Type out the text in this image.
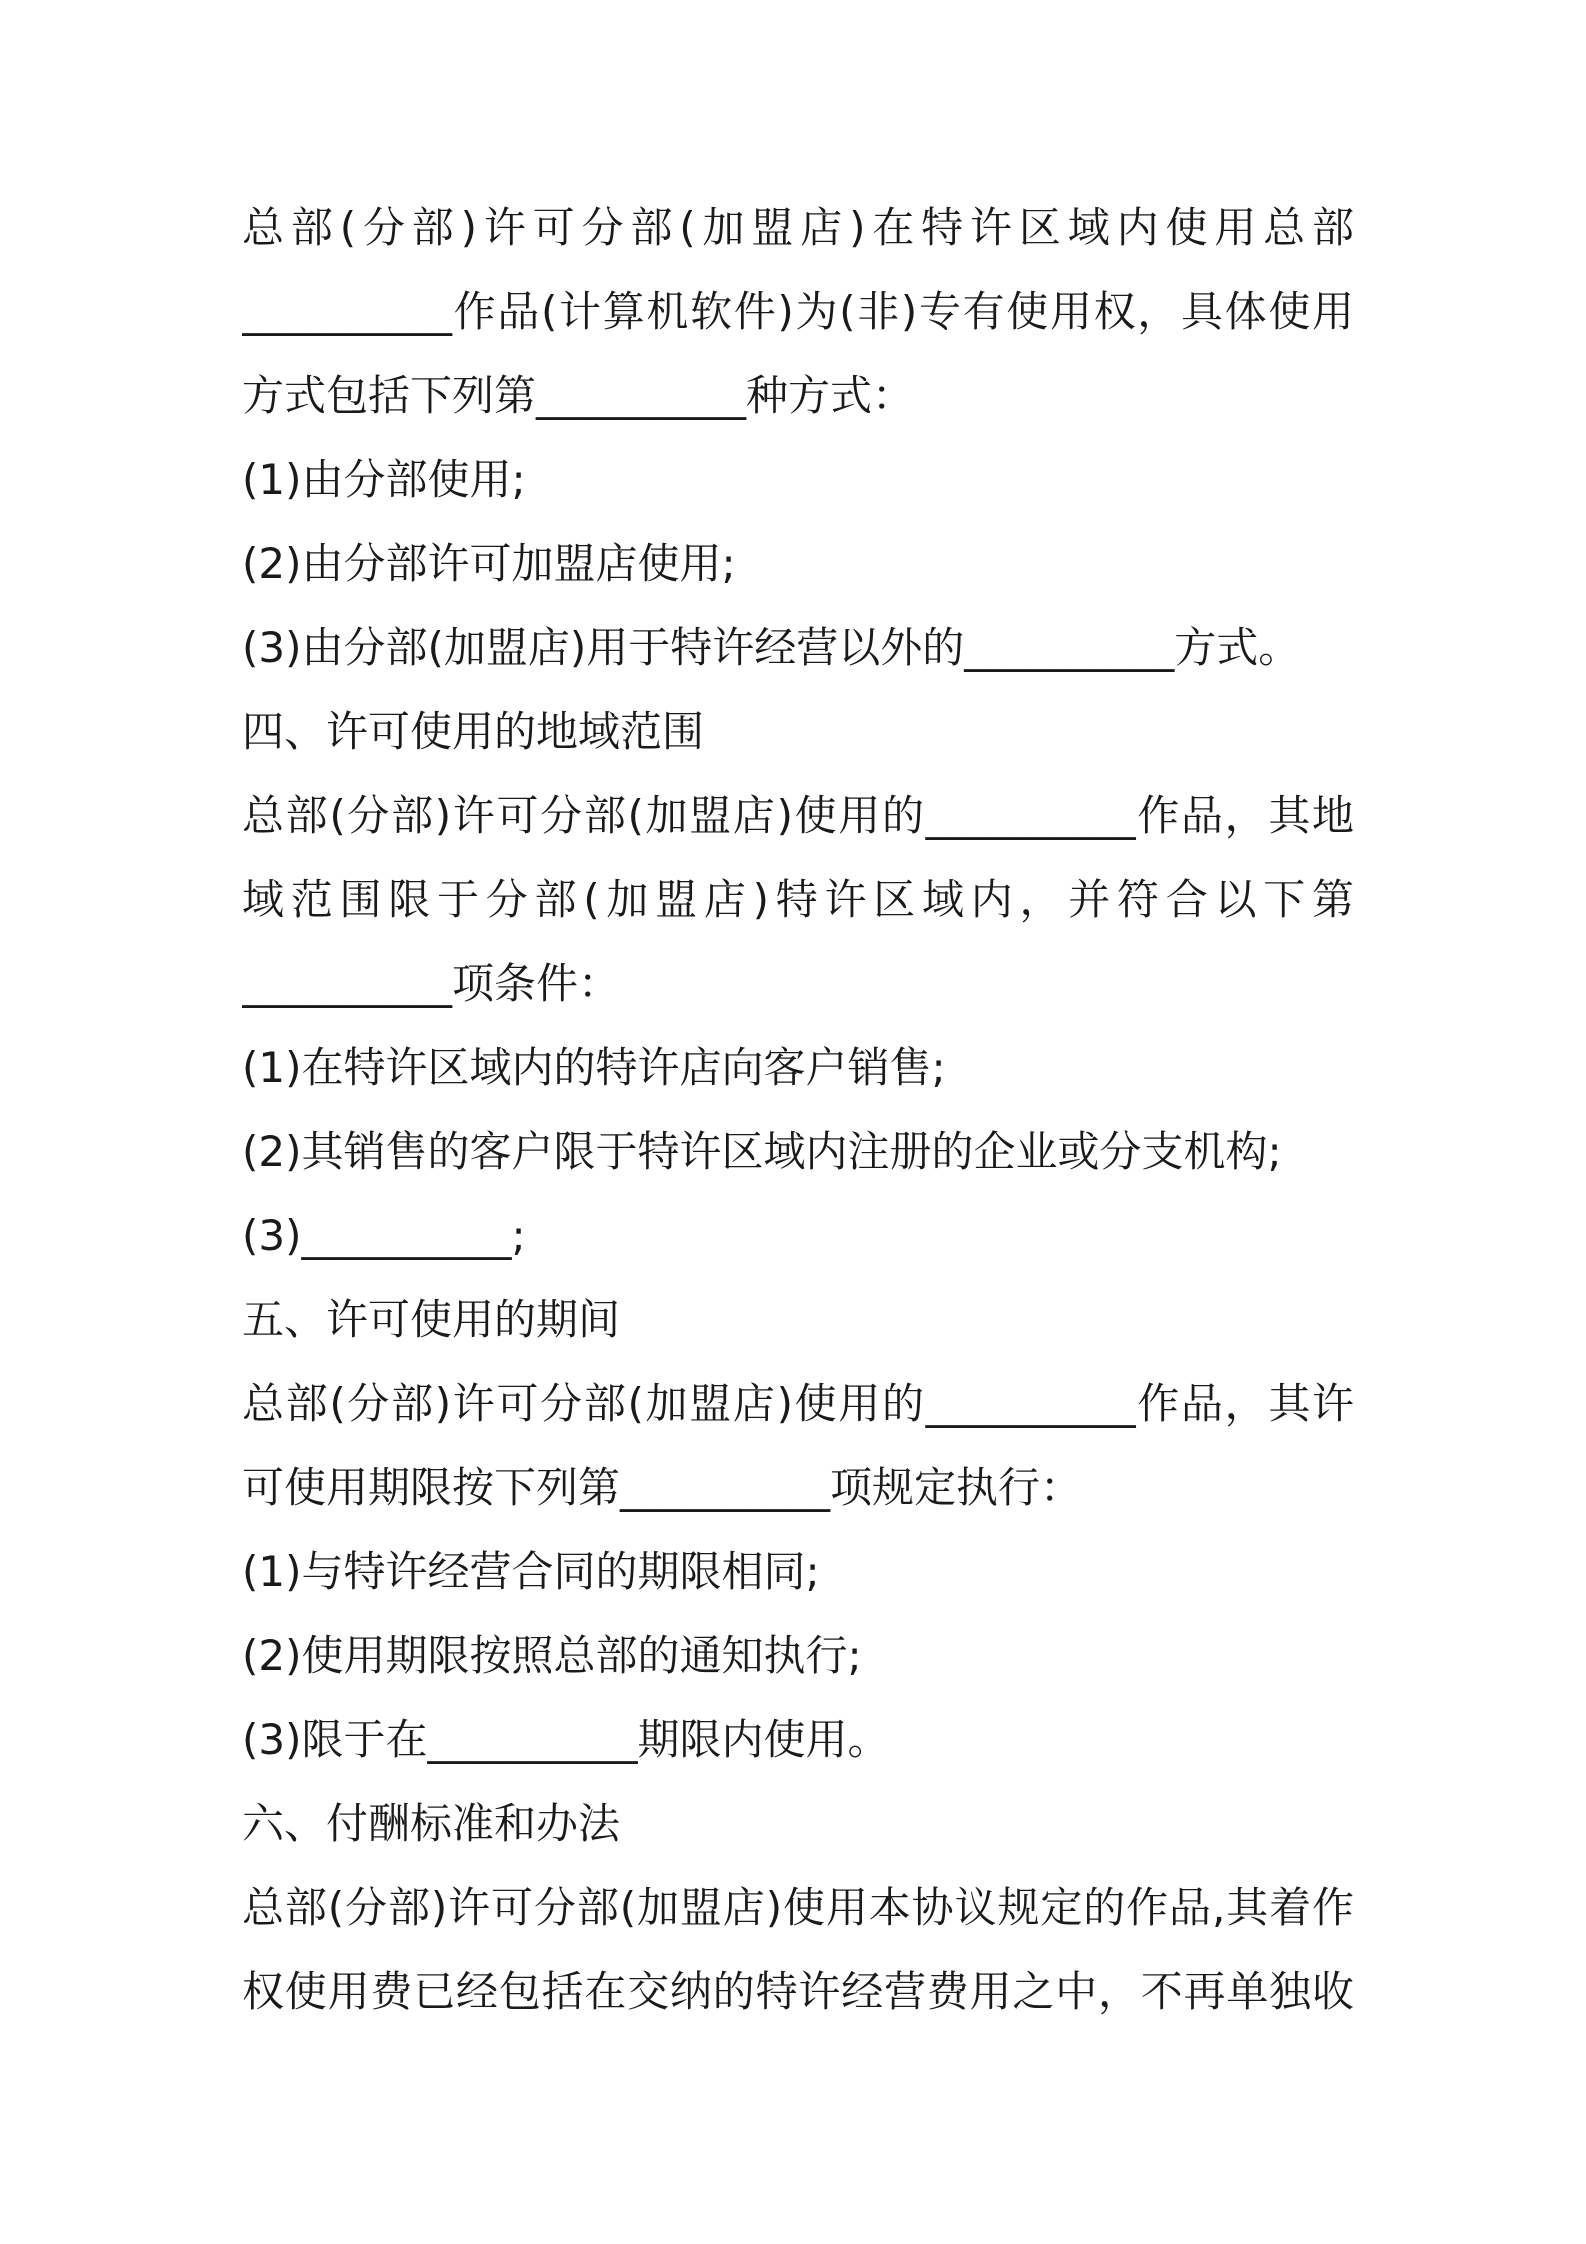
总部(分部)许可分部(加盟店)在特许区域内使用总部
__________作品(计算机软件)为(非)专有使用权，具体使用
方式包括下列第__________种方式：
(1)由分部使用;
(2)由分部许可加盟店使用;
(3)由分部(加盟店)用于特许经营以外的__________方式。
四、许可使用的地域范围
总部(分部)许可分部(加盟店)使用的__________作品，其地
域范围限于分部(加盟店)特许区域内，并符合以下第
__________项条件：
(1)在特许区域内的特许店向客户销售;
(2)其销售的客户限于特许区域内注册的企业或分支机构;
(3)__________;
五、许可使用的期间
总部(分部)许可分部(加盟店)使用的__________作品，其许
可使用期限按下列第__________项规定执行：
(1)与特许经营合同的期限相同;
(2)使用期限按照总部的通知执行;
(3)限于在__________期限内使用。
六、付酬标准和办法
总部(分部)许可分部(加盟店)使用本协议规定的作品,其着作
权使用费已经包括在交纳的特许经营费用之中，不再单独收
